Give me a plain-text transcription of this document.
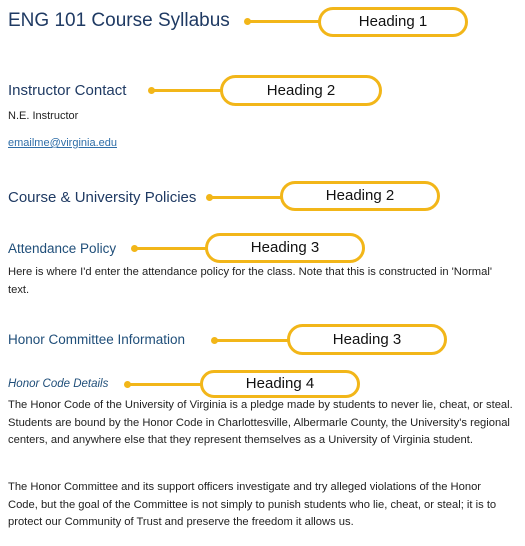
ENG 101 Course Syllabus
Instructor Contact
N.E. Instructor
emailme@virginia.edu
Course & University Policies
Attendance Policy
Here is where I'd enter the attendance policy for the class. Note that this is constructed in 'Normal' text.
Honor Committee Information
Honor Code Details
The Honor Code of the University of Virginia is a pledge made by students to never lie, cheat, or steal. Students are bound by the Honor Code in Charlottesville, Albermarle County, the University's regional centers, and anywhere else that they represent themselves as a University of Virginia student.
The Honor Committee and its support officers investigate and try alleged violations of the Honor Code, but the goal of the Committee is not simply to punish students who lie, cheat, or steal; it is to protect our Community of Trust and preserve the freedom it allows us.
Heading 1
Heading 2
Heading 2
Heading 3
Heading 3
Heading 4
